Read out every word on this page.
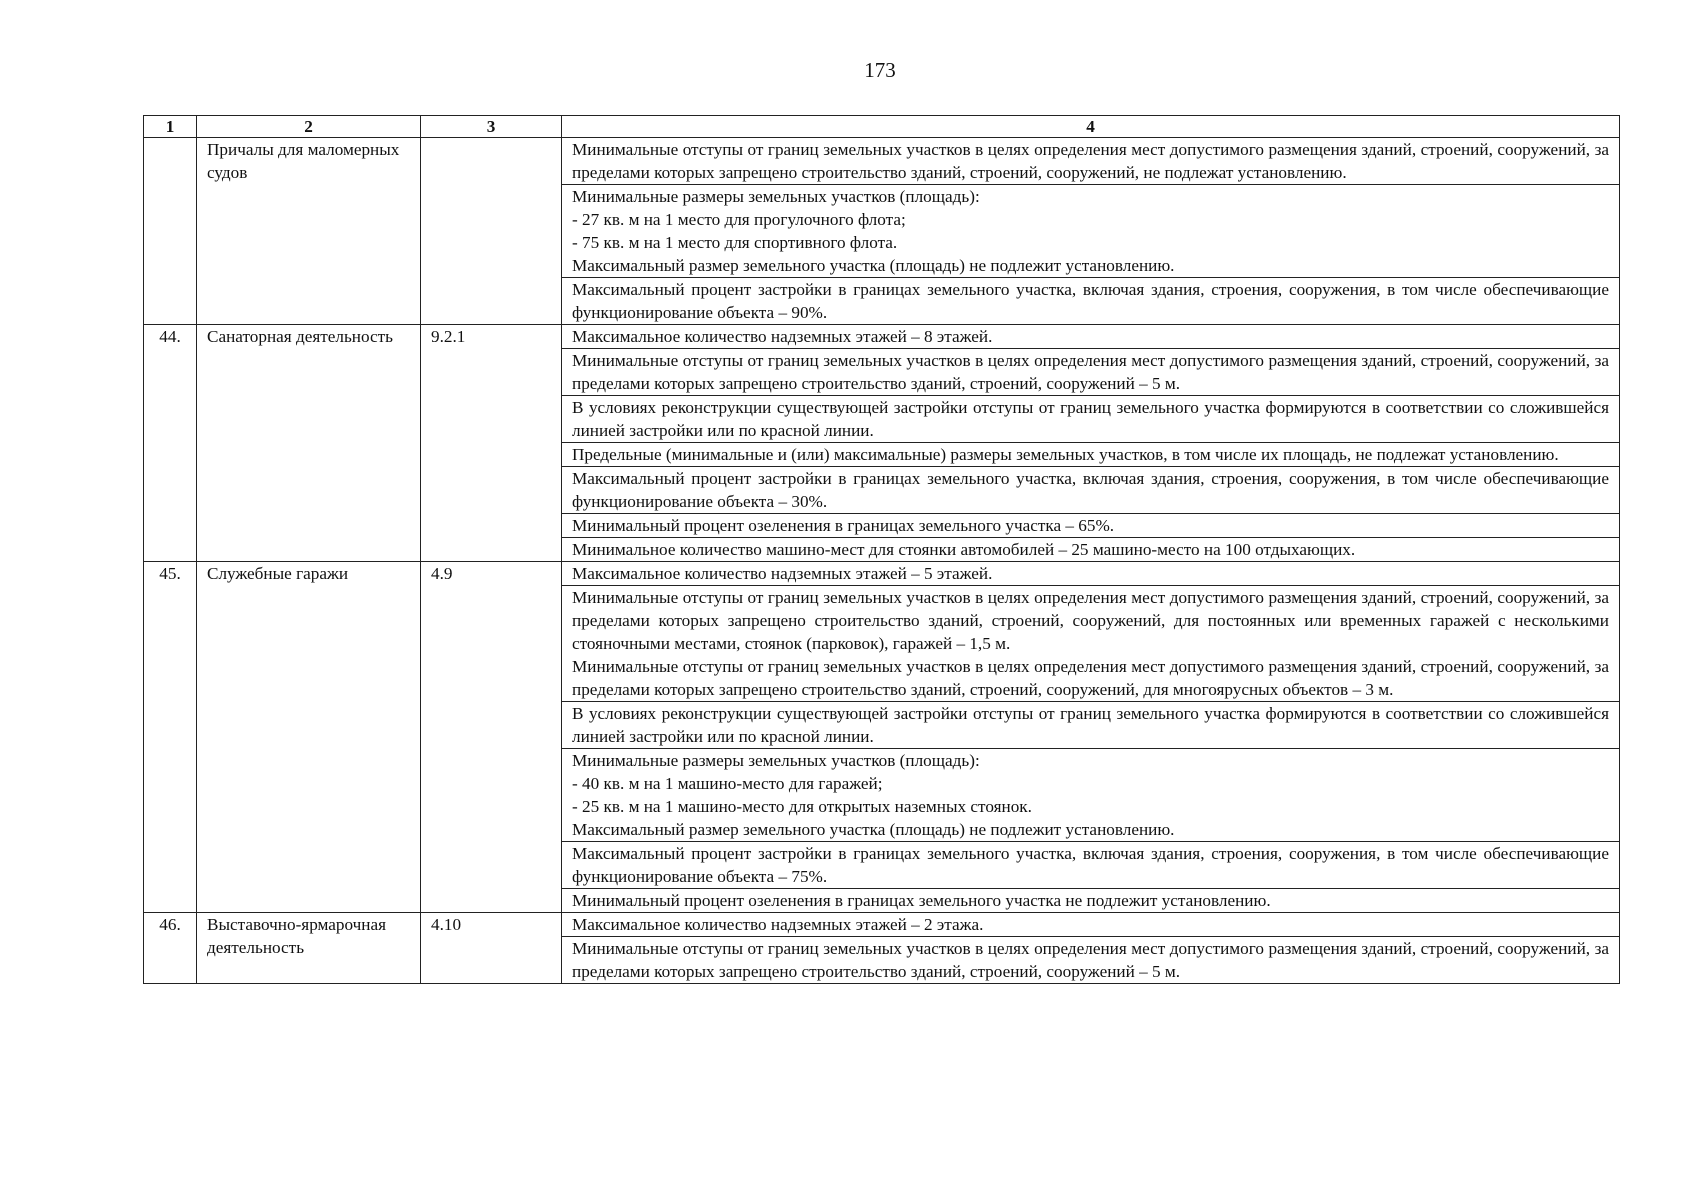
173
1	2	3	4
	Причалы для маломерных судов		Минимальные отступы от границ земельных участков в целях определения мест допустимого размещения зданий, строений, сооружений, за пределами которых запрещено строительство зданий, строений, сооружений, не подлежат установлению.

			Минимальные размеры земельных участков (площадь):
- 27 кв. м на 1 место для прогулочного флота;
- 75 кв. м на 1 место для спортивного флота.
Максимальный размер земельного участка (площадь) не подлежит установлению.

			Максимальный процент застройки в границах земельного участка, включая здания, строения, сооружения, в том числе обеспечивающие функционирование объекта – 90%.

44.	Санаторная деятельность	9.2.1	Максимальное количество надземных этажей – 8 этажей.

			Минимальные отступы от границ земельных участков в целях определения мест допустимого размещения зданий, строений, сооружений, за пределами которых запрещено строительство зданий, строений, сооружений – 5 м.

			В условиях реконструкции существующей застройки отступы от границ земельного участка формируются в соответствии со сложившейся линией застройки или по красной линии.

			Предельные (минимальные и (или) максимальные) размеры земельных участков, в том числе их площадь, не подлежат установлению.

			Максимальный процент застройки в границах земельного участка, включая здания, строения, сооружения, в том числе обеспечивающие функционирование объекта – 30%.

			Минимальный процент озеленения в границах земельного участка – 65%.

			Минимальное количество машино-мест для стоянки автомобилей – 25 машино-место на 100 отдыхающих.

45.	Служебные гаражи	4.9	Максимальное количество надземных этажей – 5 этажей.

			Минимальные отступы от границ земельных участков в целях определения мест допустимого размещения зданий, строений, сооружений, за пределами которых запрещено строительство зданий, строений, сооружений, для постоянных или временных гаражей с несколькими стояночными местами, стоянок (парковок), гаражей – 1,5 м.
Минимальные отступы от границ земельных участков в целях определения мест допустимого размещения зданий, строений, сооружений, за пределами которых запрещено строительство зданий, строений, сооружений, для многоярусных объектов – 3 м.

			В условиях реконструкции существующей застройки отступы от границ земельного участка формируются в соответствии со сложившейся линией застройки или по красной линии.

			Минимальные размеры земельных участков (площадь):
- 40 кв. м на 1 машино-место для гаражей;
- 25 кв. м на 1 машино-место для открытых наземных стоянок.
Максимальный размер земельного участка (площадь) не подлежит установлению.

			Максимальный процент застройки в границах земельного участка, включая здания, строения, сооружения, в том числе обеспечивающие функционирование объекта – 75%.

			Минимальный процент озеленения в границах земельного участка не подлежит установлению.

46.	Выставочно-ярмарочная деятельность	4.10	Максимальное количество надземных этажей – 2 этажа.

			Минимальные отступы от границ земельных участков в целях определения мест допустимого размещения зданий, строений, сооружений, за пределами которых запрещено строительство зданий, строений, сооружений – 5 м.
